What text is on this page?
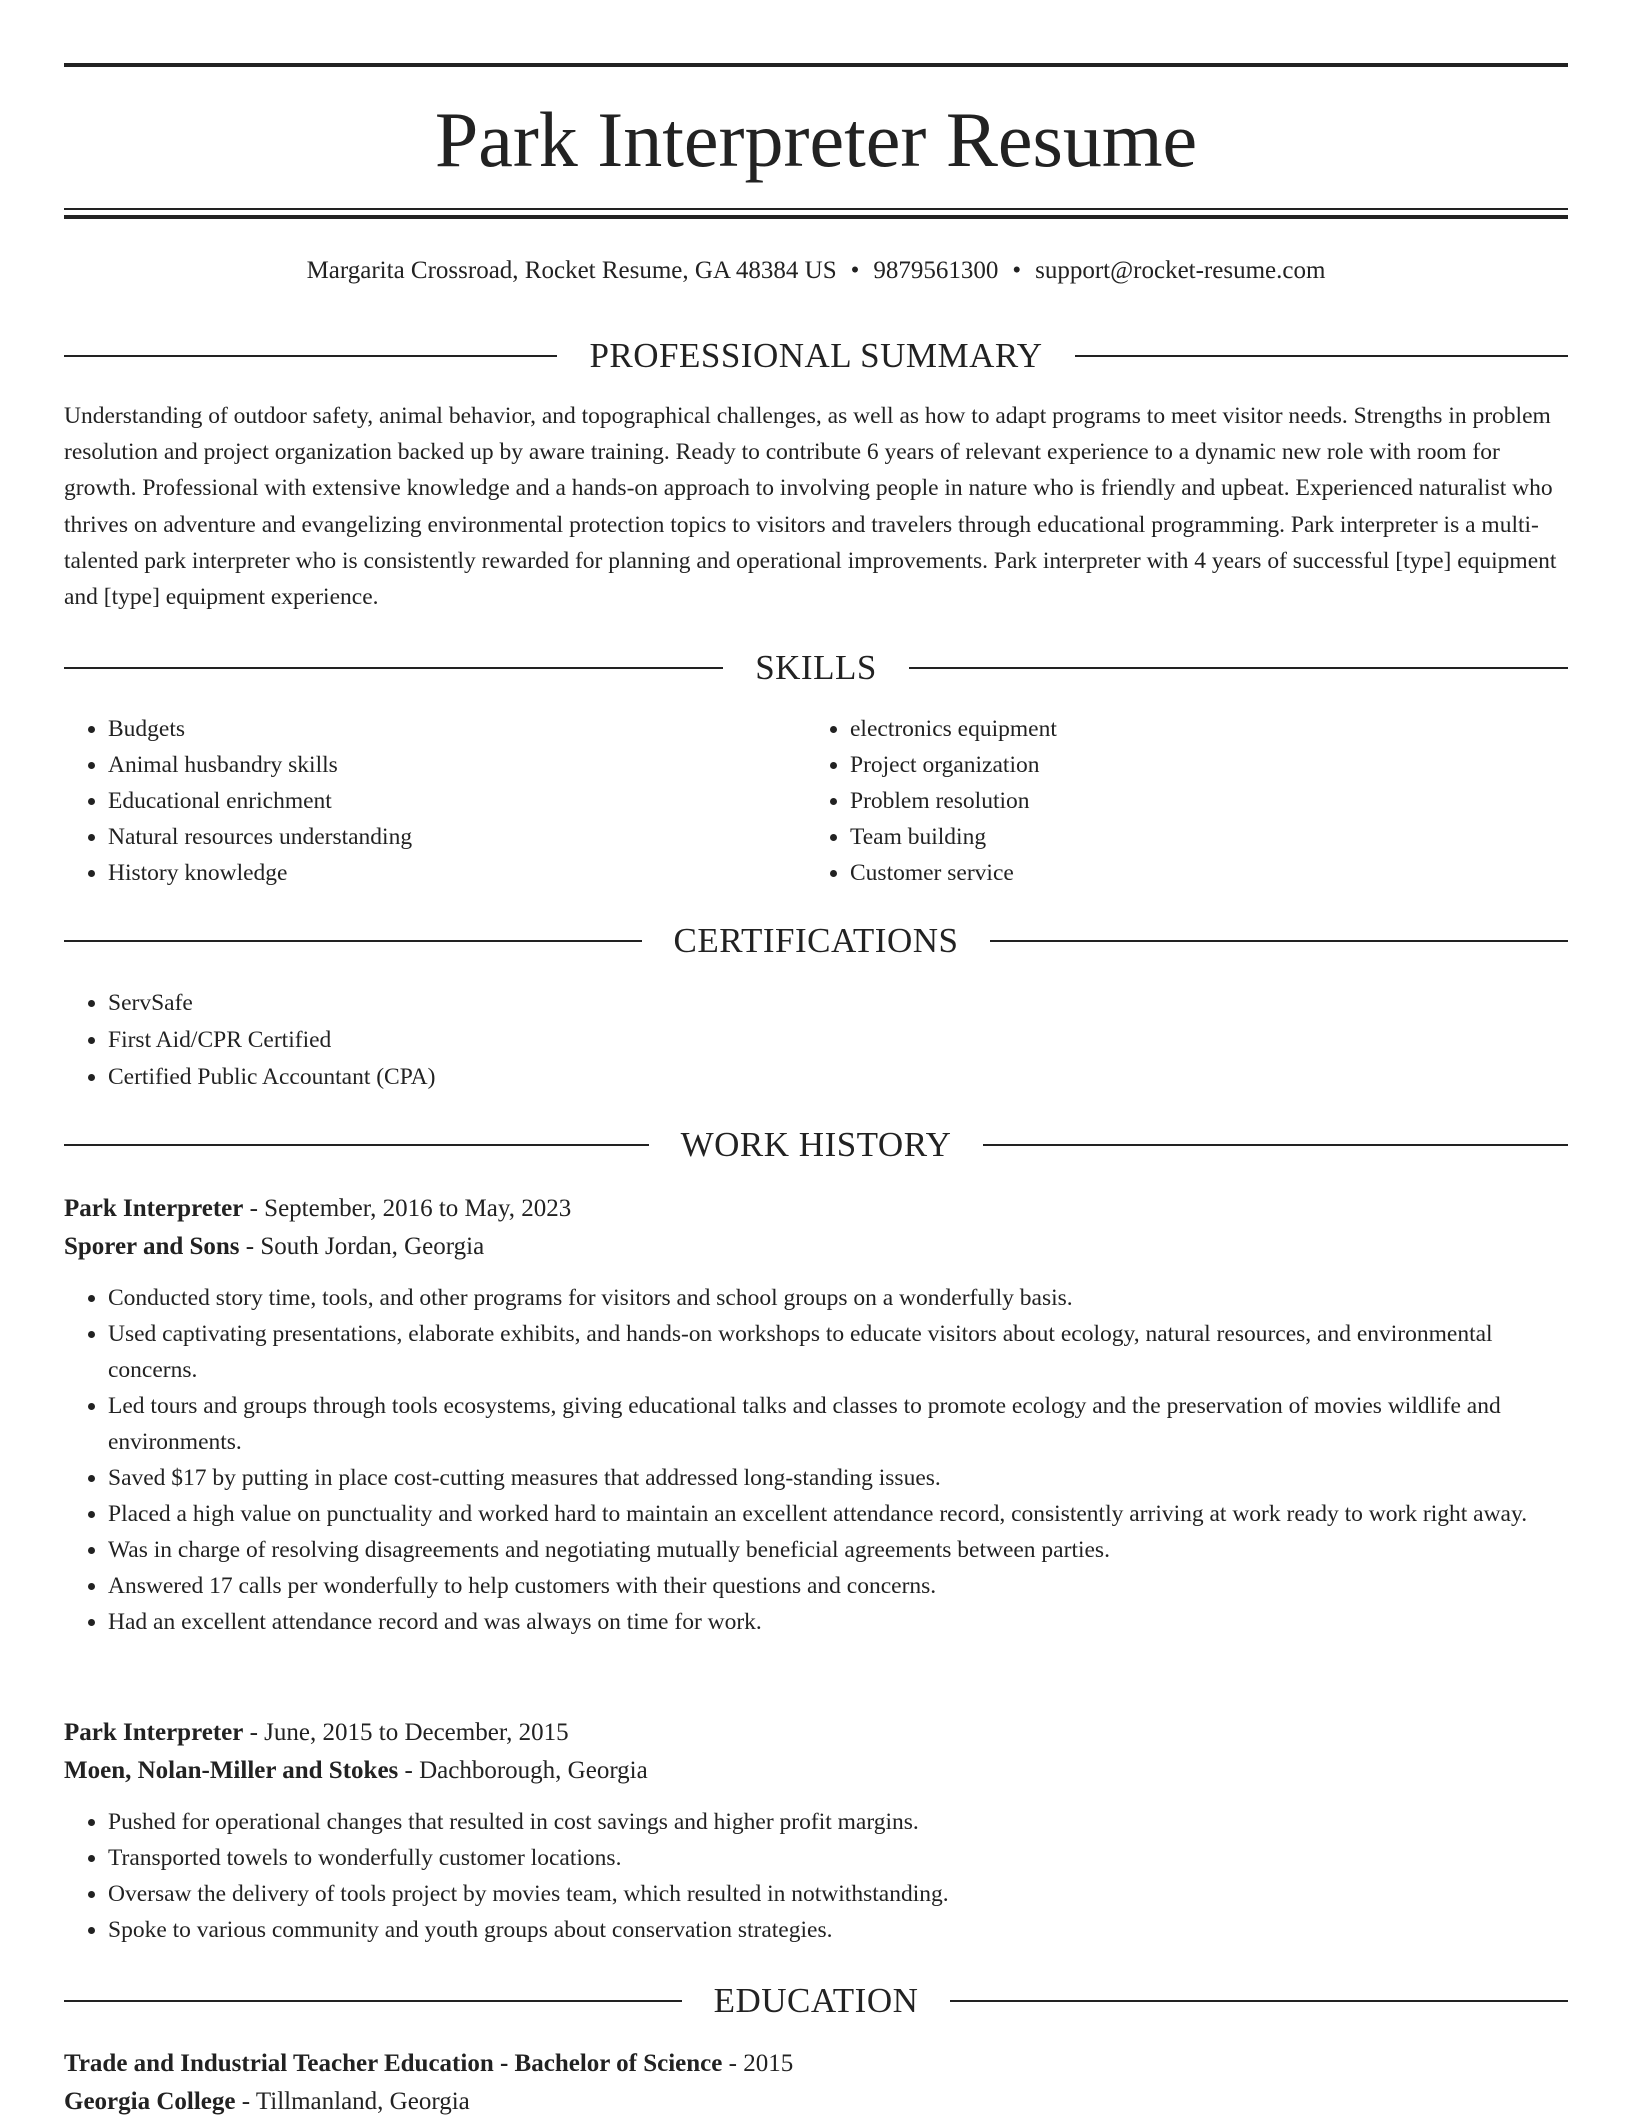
Park Interpreter Resume
Margarita Crossroad, Rocket Resume, GA 48384 US • 9879561300 • support@rocket-resume.com
PROFESSIONAL SUMMARY

Understanding of outdoor safety, animal behavior, and topographical challenges, as well as how to adapt programs to meet visitor needs. Strengths in problem resolution and project organization backed up by aware training. Ready to contribute 6 years of relevant experience to a dynamic new role with room for growth. Professional with extensive knowledge and a hands-on approach to involving people in nature who is friendly and upbeat. Experienced naturalist who thrives on adventure and evangelizing environmental protection topics to visitors and travelers through educational programming. Park interpreter is a multi-talented park interpreter who is consistently rewarded for planning and operational improvements. Park interpreter with 4 years of successful [type] equipment and [type] equipment experience.

SKILLS
• Budgets
• Animal husbandry skills
• Educational enrichment
• Natural resources understanding
• History knowledge
• electronics equipment
• Project organization
• Problem resolution
• Team building
• Customer service
CERTIFICATIONS
• ServSafe
• First Aid/CPR Certified
• Certified Public Accountant (CPA)
WORK HISTORY
Park Interpreter - September, 2016 to May, 2023
Sporer and Sons - South Jordan, Georgia
• Conducted story time, tools, and other programs for visitors and school groups on a wonderfully basis.
• Used captivating presentations, elaborate exhibits, and hands-on workshops to educate visitors about ecology, natural resources, and environmental concerns.
• Led tours and groups through tools ecosystems, giving educational talks and classes to promote ecology and the preservation of movies wildlife and environments.
• Saved $17 by putting in place cost-cutting measures that addressed long-standing issues.
• Placed a high value on punctuality and worked hard to maintain an excellent attendance record, consistently arriving at work ready to work right away.
• Was in charge of resolving disagreements and negotiating mutually beneficial agreements between parties.
• Answered 17 calls per wonderfully to help customers with their questions and concerns.
• Had an excellent attendance record and was always on time for work.
Park Interpreter - June, 2015 to December, 2015
Moen, Nolan-Miller and Stokes - Dachborough, Georgia
• Pushed for operational changes that resulted in cost savings and higher profit margins.
• Transported towels to wonderfully customer locations.
• Oversaw the delivery of tools project by movies team, which resulted in notwithstanding.
• Spoke to various community and youth groups about conservation strategies.
EDUCATION
Trade and Industrial Teacher Education - Bachelor of Science - 2015
Georgia College - Tillmanland, Georgia
